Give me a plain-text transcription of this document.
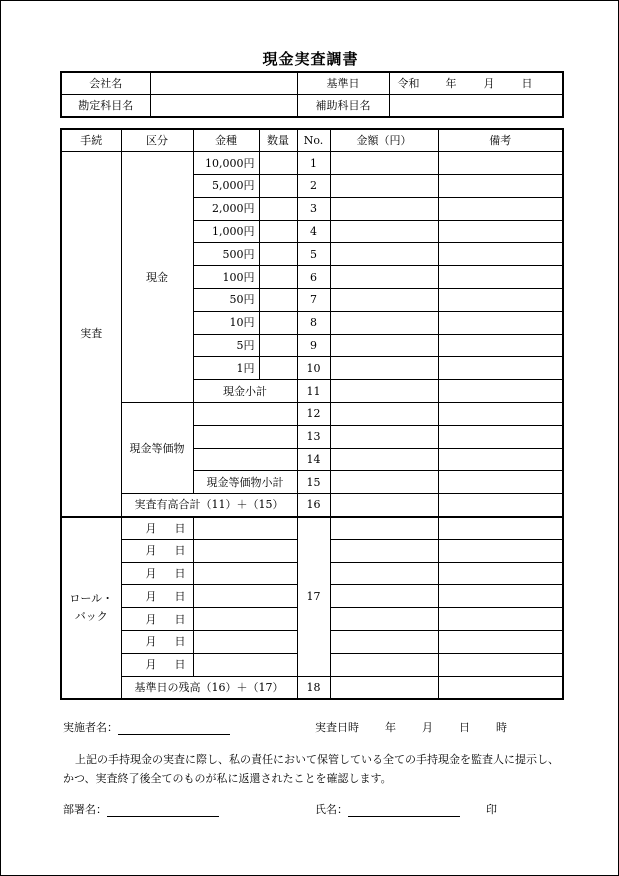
現金実査調書
会社名		基準日	令和 年 月 日
勘定科目名		補助科目名	
手続	区分	金種	数量	No.	金額（円）	備考
実査	現金	10,000円		1		
		5,000円		2		
		2,000円		3		
		1,000円		4		
		500円		5		
		100円		6		
		50円		7		
		10円		8		
		5円		9		
		1円		10		
		現金小計		11		
	現金等価物			12		
				13		
				14		
		現金等価物小計		15		
	実査有高合計（11）＋（15）			16		
ロール・バック	月 日			17		
	月 日					
	月 日					
	月 日					
	月 日					
	月 日					
	月 日					
	基準日の残高（16）＋（17）			18		
実施者名：	実査日時 年 月 日 時
上記の手持現金の実査に際し、私の責任において保管している全ての手持現金を監査人に提示し、かつ、実査終了後全てのものが私に返還されたことを確認します。
部署名：	氏名：	印
